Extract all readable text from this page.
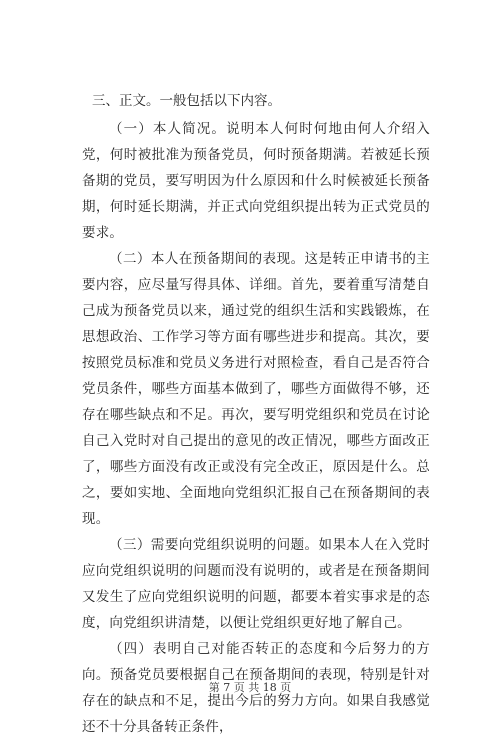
三、正文。一般包括以下内容。
（一）本人简况。说明本人何时何地由何人介绍入党，何时被批准为预备党员，何时预备期满。若被延长预备期的党员，要写明因为什么原因和什么时候被延长预备期，何时延长期满，并正式向党组织提出转为正式党员的要求。
（二）本人在预备期间的表现。这是转正申请书的主要内容，应尽量写得具体、详细。首先，要着重写清楚自己成为预备党员以来，通过党的组织生活和实践锻炼，在思想政治、工作学习等方面有哪些进步和提高。其次，要按照党员标准和党员义务进行对照检查，看自己是否符合党员条件，哪些方面基本做到了，哪些方面做得不够，还存在哪些缺点和不足。再次，要写明党组织和党员在讨论自己入党时对自己提出的意见的改正情况，哪些方面改正了，哪些方面没有改正或没有完全改正，原因是什么。总之，要如实地、全面地向党组织汇报自己在预备期间的表现。
（三）需要向党组织说明的问题。如果本人在入党时应向党组织说明的问题而没有说明的，或者是在预备期间又发生了应向党组织说明的问题，都要本着实事求是的态度，向党组织讲清楚，以便让党组织更好地了解自己。
（四）表明自己对能否转正的态度和今后努力的方向。预备党员要根据自己在预备期间的表现，特别是针对存在的缺点和不足，提出今后的努力方向。如果自我感觉还不十分具备转正条件，
第 7 页 共 18 页
